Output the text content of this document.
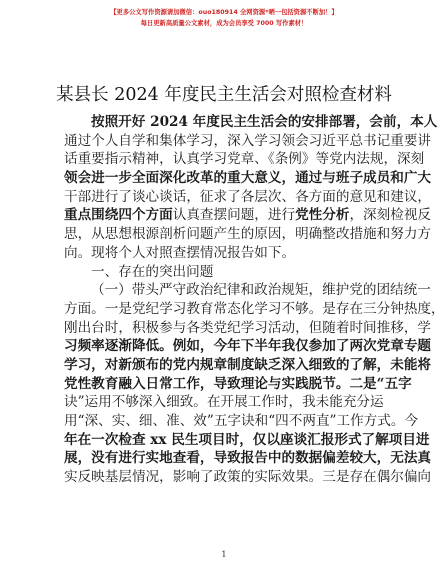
【更多公文写作资源请加微信：ouo180914 全网资源*晒一包括资源不断加！】
每日更新高质量公文素材，成为会员享受 7000 写作素材！
某县长 2024 年度民主生活会对照检查材料
按照开好 2024 年度民主生活会的安排部署，会前，本人
通过个人自学和集体学习，深入学习领会习近平总书记重要讲
话重要指示精神，认真学习党章、《条例》等党内法规，深刻
领会进一步全面深化改革的重大意义，通过与班子成员和广大
干部进行了谈心谈话，征求了各层次、各方面的意见和建议，
重点围绕四个方面认真查摆问题，进行党性分析，深刻检视反
思，从思想根源剖析问题产生的原因，明确整改措施和努力方
向。现将个人对照查摆情况报告如下。
一、存在的突出问题
（一）带头严守政治纪律和政治规矩，维护党的团结统一
方面。一是党纪学习教育常态化学习不够。是存在三分钟热度，
刚出台时，积极参与各类党纪学习活动，但随着时间推移，学
习频率逐渐降低。例如，今年下半年我仅参加了两次党章专题
学习，对新颁布的党内规章制度缺乏深入细致的了解，未能将
党性教育融入日常工作，导致理论与实践脱节。二是“五字
诀”运用不够深入细致。在开展工作时，我未能充分运
用“深、实、细、准、效”五字诀和“四不两直”工作方式。今
年在一次检查 xx 民生项目时，仅以座谈汇报形式了解项目进
展，没有进行实地查看，导致报告中的数据偏差较大，无法真
实反映基层情况，影响了政策的实际效果。三是存在偶尔偏向
1
